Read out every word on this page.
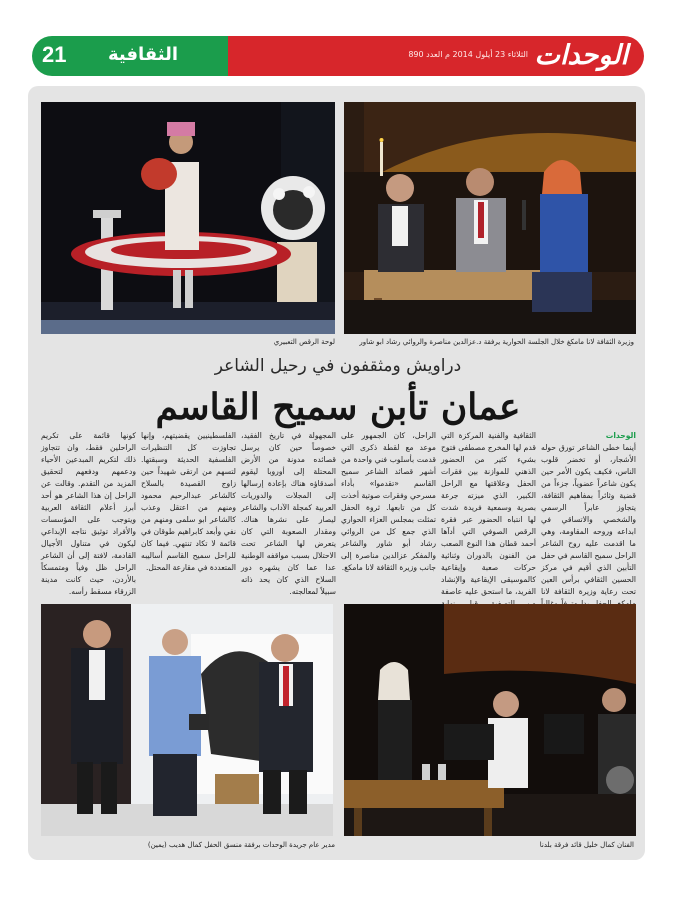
الوحدات
الثلاثاء 23 أيلول 2014 م العدد 890
الثقافية
21
وزيرة الثقافة لانا مامكغ خلال الجلسة الحوارية يرفقة د.عزالدين مناصرة والروائي رشاد ابو شاور
لوحة الرقص التعبيري
دراويش ومثقفون في رحيل الشاعر
عمان تأبن سميح القاسم

الوحدات

أينما خطى الشاعر تورق حوله الأشجار، أو تخضر قلوب الناس، فكيف يكون الأمر حين يكون شاعراً عضوياً، جزءاً من قضية وثائراً بمفاهيم الثقافة، يتجاوز عابراً الرسمي والشخصي والاتساقي في ابداعه وروحه المقاومة، وهي ما اقدمت عليه روح الشاعر الراحل سميح القاسم في حفل التأبين الذي أقيم في مركز الحسين الثقافي برأس العين تحت رعاية وزيرة الثقافة لانا

الثقافية والفنية المركزة التي قدم لها المخرج مصطفى فتوح بشيء كثير من الحضور الذهني للموازنة بين فقرات الحفل وعلاقتها مع الراحل الكبير، الذي ميزته جرعة بصرية وسمعية فريدة شدت لها انتباه الحضور عبر فقرة الرقص الصوفي التي أدآها أحمد قطان هذا النوع الصعب من الفنون بالدوران وثنائية حركات صعبة وإيقاعية كالموسيقى الإيقاعية والإنشاد الفريد، ما استحق عليه عاصفة

الراحل، كان الجمهور على موعد مع لقطة ذكرى التي قدمت بأسلوب فني واحدة من أشهر قصائد الشاعر سميح القاسم «تقدموا» بأداء مسرحي وفقرات صوتية أخذت كل من تابعها. ثروة الحفل تمثلت بمجلس العزاء الحواري الذي جمع كل من الروائي رشاد أبو شاور والشاعر والمفكر عزالدين مناصرة إلى جانب وزيرة الثقافة لانا مامكغ.

المجهولة في تاريخ الفقيد، خصوصاً حين كان يرسل قصائده مدونة من الأرض المحتلة إلى أوروبا ليقوم أصدقاؤه هناك بإعادة إرسالها إلى المجلات والدوريات العربية كمجلة الآداب والشاعر ليصار على نشرها هناك. ومقدار الصعوبة التي كان يتعرض لها الشاعر تحت الاحتلال بسبب مواقفه الوطنية عدا عما كان يشهره دور السلاح الذي كان يحد ذاته سبيلاً لمعالجته.

الفلسطينيين يقضيتهم، وإنها تجاوزت كل التنظيرات الفلسفية الحديثة وسبقتها. لتسهم من ارتقى شهيداً حين زاوج القصيدة بالسلاح كالشاعر عبدالرحيم محمود ومنهم من اعتقل وعذب كالشاعر ابو سلمى ومنهم من نفي وأبعد كابراهيم طوقان في قائمة لا تكاد تنتهي. فيما كان للراحل سميح القاسم أساليبه المتعددة في مقارعة المحتل.

كونها قائمة على تكريم الراحلين فقط، وان تتجاوز ذلك لتكريم المبدعين الأحياء ودعمهم ودفعهم لتحقيق المزيد من التقدم. وقالت عن الراحل إن هذا الشاعر هو أحد أبرز أعلام الثقافة العربية ويتوجب على المؤسسات والأفراد توثيق نتاجه الإبداعي ليكون في متناول الأجيال القادمة، لافتة إلى أن الشاعر الراحل ظل وفياً ومتمسكاً بالأردن، حيث كانت مدينة الزرقاء مسقط رأسه.

مدير عام جريدة الوحدات برفقة منسق الحفل كمال هديب (يمين)	الفنان كمال خليل قائد فرقة بلدنا
